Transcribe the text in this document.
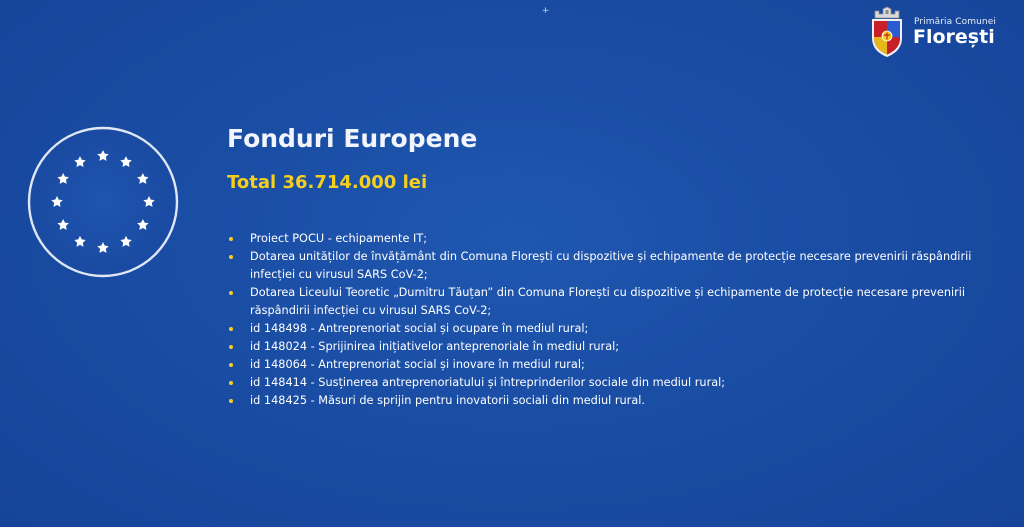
+
Primăria Comunei
Florești
Fonduri Europene
Total 36.714.000 lei
Proiect POCU - echipamente IT;
Dotarea unităților de învățământ din Comuna Florești cu dispozitive și echipamente de protecție necesare prevenirii răspândirii infecției cu virusul SARS CoV-2;
Dotarea Liceului Teoretic „Dumitru Tăuțan” din Comuna Florești cu dispozitive și echipamente de protecție necesare prevenirii răspândirii infecției cu virusul SARS CoV-2;
id 148498 - Antreprenoriat social și ocupare în mediul rural;
id 148024 - Sprijinirea inițiativelor anteprenoriale în mediul rural;
id 148064 - Antreprenoriat social și inovare în mediul rural;
id 148414 - Susținerea antreprenoriatului și întreprinderilor sociale din mediul rural;
id 148425 - Măsuri de sprijin pentru inovatorii sociali din mediul rural.
